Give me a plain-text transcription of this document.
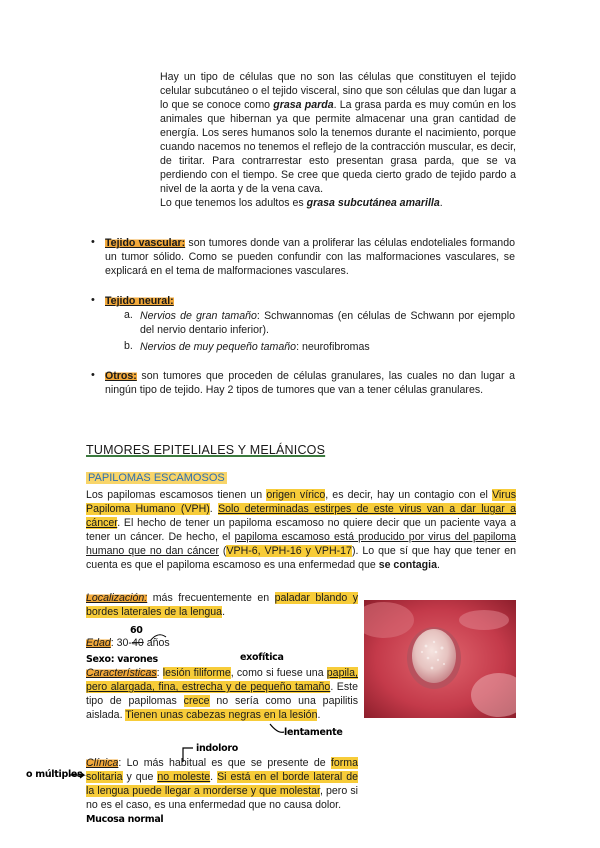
Hay un tipo de células que no son las células que constituyen el tejido celular subcutáneo o el tejido visceral, sino que son células que dan lugar a lo que se conoce como grasa parda. La grasa parda es muy común en los animales que hibernan ya que permite almacenar una gran cantidad de energía. Los seres humanos solo la tenemos durante el nacimiento, porque cuando nacemos no tenemos el reflejo de la contracción muscular, es decir, de tiritar. Para contrarrestar esto presentan grasa parda, que se va perdiendo con el tiempo. Se cree que queda cierto grado de tejido pardo a nivel de la aorta y de la vena cava.

Lo que tenemos los adultos es grasa subcutánea amarilla.

• Tejido vascular: son tumores donde van a proliferar las células endoteliales formando un tumor sólido. Como se pueden confundir con las malformaciones vasculares, se explicará en el tema de malformaciones vasculares.

• Tejido neural:

a. Nervios de gran tamaño: Schwannomas (en células de Schwann por ejemplo del nervio dentario inferior).

b. Nervios de muy pequeño tamaño: neurofibromas

• Otros: son tumores que proceden de células granulares, las cuales no dan lugar a ningún tipo de tejido. Hay 2 tipos de tumores que van a tener células granulares.

TUMORES EPITELIALES Y MELÁNICOS
PAPILOMAS ESCAMOSOS

Los papilomas escamosos tienen un origen vírico, es decir, hay un contagio con el Virus Papiloma Humano (VPH). Solo determinadas estirpes de este virus van a dar lugar a cáncer. El hecho de tener un papiloma escamoso no quiere decir que un paciente vaya a tener un cáncer. De hecho, el papiloma escamoso está producido por virus del papiloma humano que no dan cáncer (VPH-6, VPH-16 y VPH-17). Lo que sí que hay que tener en cuenta es que el papiloma escamoso es una enfermedad que se contagia.

Localización: más frecuentemente en paladar blando y bordes laterales de la lengua.

Edad: 30-40 años

Características: lesión filiforme, como si fuese una papila, pero alargada, fina, estrecha y de pequeño tamaño. Este tipo de papilomas crece no sería como una papilitis aislada. Tienen unas cabezas negras en la lesión.

Clínica: Lo más habitual es que se presente de forma solitaria y que no moleste. Si está en el borde lateral de la lengua puede llegar a morderse y que molestar, pero si no es el caso, es una enfermedad que no causa dolor.

60
Sexo: varones	exofítica
lentamente
indoloro
o múltiples
Mucosa normal
